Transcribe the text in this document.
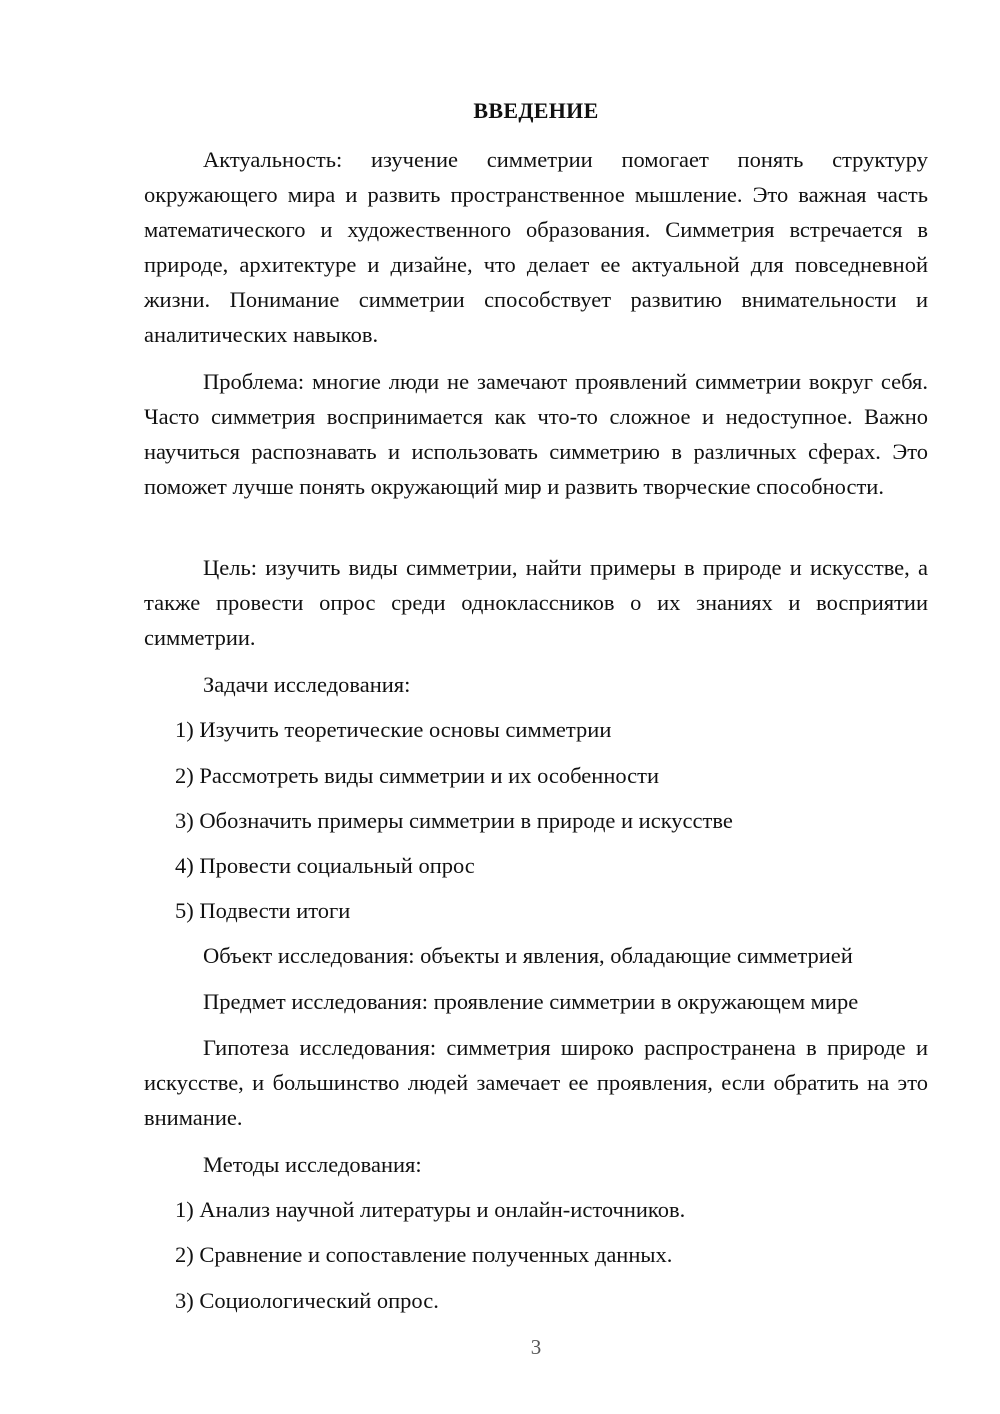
ВВЕДЕНИЕ

Актуальность: изучение симметрии помогает понять структуру окружающего мира и развить пространственное мышление. Это важная часть математического и художественного образования. Симметрия встречается в природе, архитектуре и дизайне, что делает ее актуальной для повседневной жизни. Понимание симметрии способствует развитию внимательности и аналитических навыков.

Проблема: многие люди не замечают проявлений симметрии вокруг себя. Часто симметрия воспринимается как что-то сложное и недоступное. Важно научиться распознавать и использовать симметрию в различных сферах. Это поможет лучше понять окружающий мир и развить творческие способности.

Цель: изучить виды симметрии, найти примеры в природе и искусстве, а также провести опрос среди одноклассников о их знаниях и восприятии симметрии.

Задачи исследования:

1) Изучить теоретические основы симметрии

2) Рассмотреть виды симметрии и их особенности

3) Обозначить примеры симметрии в природе и искусстве

4) Провести социальный опрос

5) Подвести итоги

Объект исследования: объекты и явления, обладающие симметрией

Предмет исследования: проявление симметрии в окружающем мире

Гипотеза исследования: симметрия широко распространена в природе и искусстве, и большинство людей замечает ее проявления, если обратить на это внимание.

Методы исследования:

1) Анализ научной литературы и онлайн-источников.

2) Сравнение и сопоставление полученных данных.

3) Социологический опрос.

3
